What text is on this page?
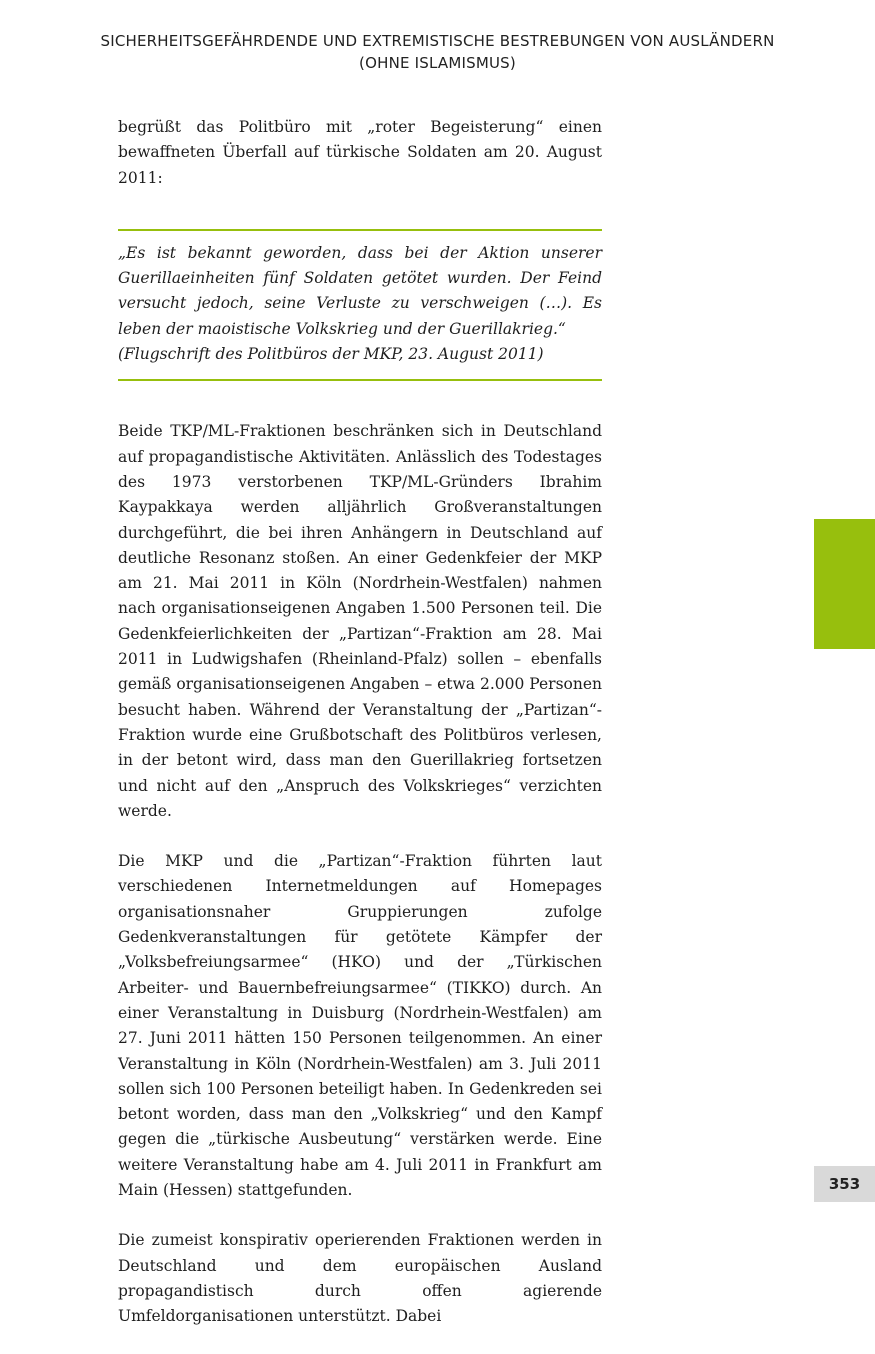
SICHERHEITSGEFÄHRDENDE UND EXTREMISTISCHE BESTREBUNGEN VON AUSLÄNDERN
(OHNE ISLAMISMUS)

begrüßt das Politbüro mit „roter Begeisterung“ einen bewaffneten Überfall auf türkische Soldaten am 20. August 2011:

„Es ist bekannt geworden, dass bei der Aktion unserer Guerillaeinheiten fünf Soldaten getötet wurden. Der Feind versucht jedoch, seine Verluste zu verschweigen (…). Es leben der maoistische Volkskrieg und der Guerillakrieg.“

(Flugschrift des Politbüros der MKP, 23. August 2011)

Beide TKP/ML-Fraktionen beschränken sich in Deutschland auf propagandistische Aktivitäten. Anlässlich des Todestages des 1973 verstorbenen TKP/ML-Gründers Ibrahim Kaypakkaya werden alljährlich Großveranstaltungen durchgeführt, die bei ihren Anhängern in Deutschland auf deutliche Resonanz stoßen. An einer Gedenkfeier der MKP am 21. Mai 2011 in Köln (Nordrhein-Westfalen) nahmen nach organisationseigenen Angaben 1.500 Personen teil. Die Gedenkfeierlichkeiten der „Partizan“-Fraktion am 28. Mai 2011 in Ludwigshafen (Rheinland-Pfalz) sollen – ebenfalls gemäß organisationseigenen Angaben – etwa 2.000 Personen besucht haben. Während der Veranstaltung der „Partizan“-Fraktion wurde eine Grußbotschaft des Politbüros verlesen, in der betont wird, dass man den Guerillakrieg fortsetzen und nicht auf den „Anspruch des Volkskrieges“ verzichten werde.

Die MKP und die „Partizan“-Fraktion führten laut verschiedenen Internetmeldungen auf Homepages organisationsnaher Gruppierungen zufolge Gedenkveranstaltungen für getötete Kämpfer der „Volksbefreiungsarmee“ (HKO) und der „Türkischen Arbeiter- und Bauernbefreiungsarmee“ (TIKKO) durch. An einer Veranstaltung in Duisburg (Nordrhein-Westfalen) am 27. Juni 2011 hätten 150 Personen teilgenommen. An einer Veranstaltung in Köln (Nordrhein-Westfalen) am 3. Juli 2011 sollen sich 100 Personen beteiligt haben. In Gedenkreden sei betont worden, dass man den „Volkskrieg“ und den Kampf gegen die „türkische Ausbeutung“ verstärken werde. Eine weitere Veranstaltung habe am 4. Juli 2011 in Frankfurt am Main (Hessen) stattgefunden.

Die zumeist konspirativ operierenden Fraktionen werden in Deutschland und dem europäischen Ausland propagandistisch durch offen agierende Umfeldorganisationen unterstützt. Dabei

353
